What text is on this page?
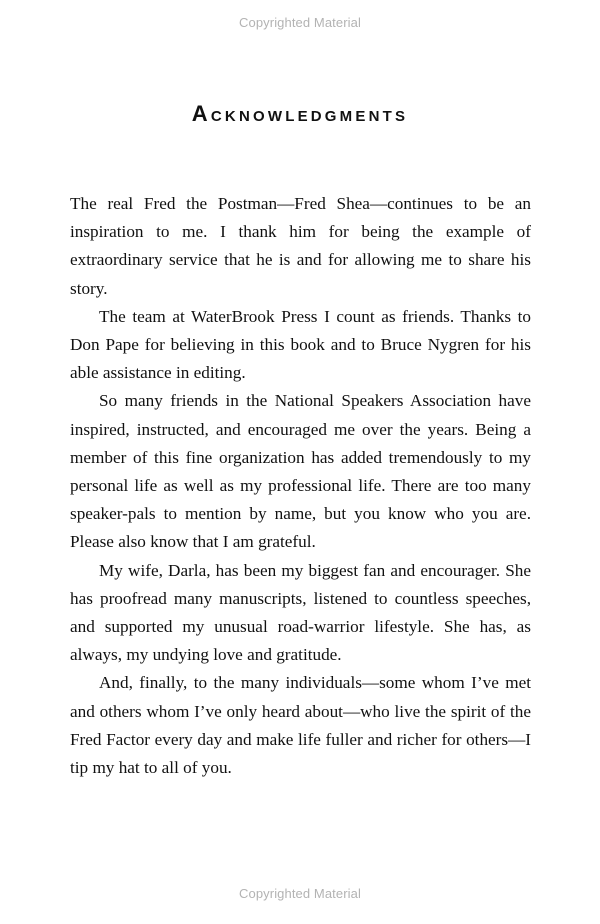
Copyrighted Material
Acknowledgments

The real Fred the Postman—Fred Shea—continues to be an inspiration to me. I thank him for being the example of extraordinary service that he is and for allowing me to share his story.

The team at WaterBrook Press I count as friends. Thanks to Don Pape for believing in this book and to Bruce Nygren for his able assistance in editing.

So many friends in the National Speakers Association have inspired, instructed, and encouraged me over the years. Being a member of this fine organization has added tremendously to my personal life as well as my professional life. There are too many speaker-pals to mention by name, but you know who you are. Please also know that I am grateful.

My wife, Darla, has been my biggest fan and encourager. She has proofread many manuscripts, listened to countless speeches, and supported my unusual road-warrior lifestyle. She has, as always, my undying love and gratitude.

And, finally, to the many individuals—some whom I’ve met and others whom I’ve only heard about—who live the spirit of the Fred Factor every day and make life fuller and richer for others—I tip my hat to all of you.

Copyrighted Material
